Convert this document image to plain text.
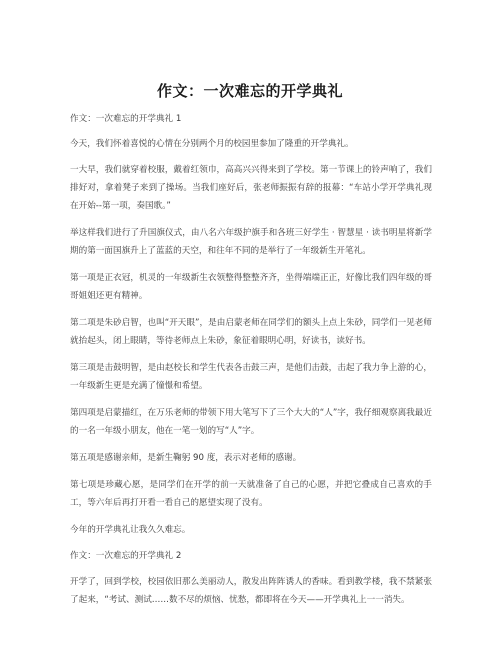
作文：一次难忘的开学典礼

作文：一次难忘的开学典礼 1

今天，我们怀着喜悦的心情在分别两个月的校园里参加了隆重的开学典礼。

一大早，我们就穿着校服，戴着红领巾，高高兴兴得来到了学校。第一节课上的铃声响了，我们排好对，拿着凳子来到了操场。当我们座好后，张老师振振有辞的报幕：“车站小学开学典礼现在开始--第一项，奏国歌。”

举这样我们进行了升国旗仪式，由八名六年级护旗手和各班三好学生 · 智慧星 · 读书明星将新学期的第一面国旗升上了蓝蓝的天空，和往年不同的是举行了一年级新生开笔礼。

第一项是正衣冠，机灵的一年级新生衣领整得整整齐齐，坐得端端正正，好像比我们四年级的哥哥姐姐还更有精神。

第二项是朱砂启智，也叫“开天眼”，是由启蒙老师在同学们的额头上点上朱砂，同学们一见老师就抬起头，闭上眼睛，等待老师点上朱砂，象征着眼明心明，好读书，读好书。

第三项是击鼓明智，是由赵校长和学生代表各击鼓三声，是他们击鼓，击起了我力争上游的心，一年级新生更是充满了憧憬和希望。

第四项是启蒙描红，在万乐老师的带领下用大笔写下了三个大大的“人”字，我仔细观察离我最近的一名一年级小朋友，他在一笔一划的写“人”字。

第五项是感谢亲师，是新生鞠躬 90 度，表示对老师的感谢。

第七项是珍藏心愿，是同学们在开学的前一天就准备了自己的心愿，并把它叠成自己喜欢的手工，等六年后再打开看一看自己的愿望实现了没有。

今年的开学典礼让我久久难忘。

作文：一次难忘的开学典礼 2

开学了，回到学校，校园依旧那么美丽动人，散发出阵阵诱人的香味。看到教学楼，我不禁紧张了起来，“考试、测试……数不尽的烦恼、忧愁，都即将在今天——开学典礼上一一消失。
